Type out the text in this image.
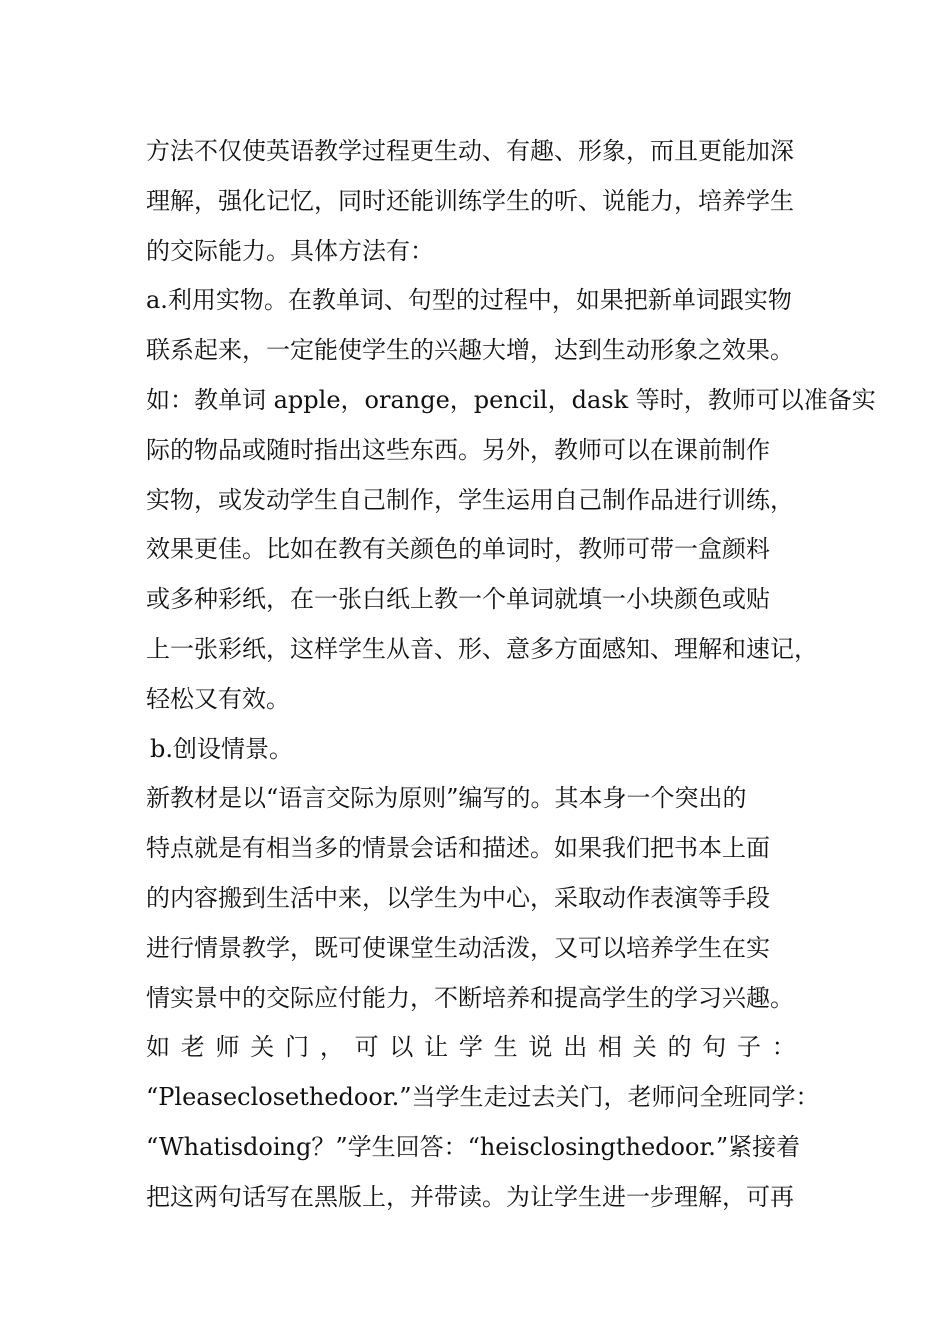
方法不仅使英语教学过程更生动、有趣、形象，而且更能加深
理解，强化记忆，同时还能训练学生的听、说能力，培养学生
的交际能力。具体方法有：
a.利用实物。在教单词、句型的过程中，如果把新单词跟实物
联系起来，一定能使学生的兴趣大增，达到生动形象之效果。
如：教单词 apple，orange，pencil，dask 等时，教师可以准备实
际的物品或随时指出这些东西。另外，教师可以在课前制作
实物，或发动学生自己制作，学生运用自己制作品进行训练，
效果更佳。比如在教有关颜色的单词时，教师可带一盒颜料
或多种彩纸，在一张白纸上教一个单词就填一小块颜色或贴
上一张彩纸，这样学生从音、形、意多方面感知、理解和速记，
轻松又有效。
b.创设情景。
新教材是以“语言交际为原则”编写的。其本身一个突出的
特点就是有相当多的情景会话和描述。如果我们把书本上面
的内容搬到生活中来，以学生为中心，采取动作表演等手段
进行情景教学，既可使课堂生动活泼，又可以培养学生在实
情实景中的交际应付能力，不断培养和提高学生的学习兴趣。
如 老 师 关 门 ， 可 以 让 学 生 说 出 相 关 的 句 子 ：
“Pleaseclosethedoor.”当学生走过去关门，老师问全班同学：
“Whatisdoing？”学生回答：“heisclosingthedoor.”紧接着
把这两句话写在黑版上，并带读。为让学生进一步理解，可再
